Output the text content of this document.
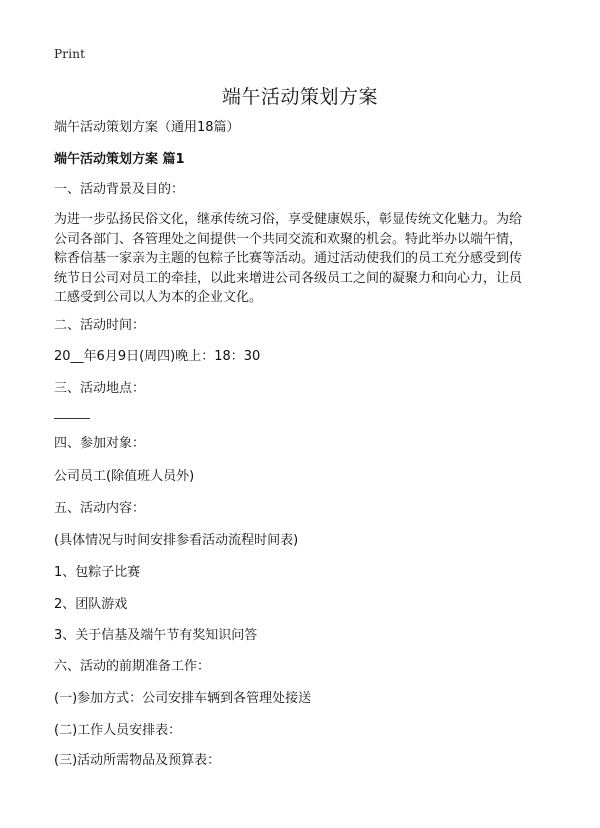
Print
端午活动策划方案
端午活动策划方案（通用18篇）
端午活动策划方案 篇1
一、活动背景及目的：
为进一步弘扬民俗文化，继承传统习俗，享受健康娱乐，彰显传统文化魅力。为给
公司各部门、各管理处之间提供一个共同交流和欢聚的机会。特此举办以端午情，
粽香信基一家亲为主题的包粽子比赛等活动。通过活动使我们的员工充分感受到传
统节日公司对员工的牵挂，以此来增进公司各级员工之间的凝聚力和向心力，让员
工感受到公司以人为本的企业文化。
二、活动时间：
20__年6月9日(周四)晚上：18：30
三、活动地点：
四、参加对象：
公司员工(除值班人员外)
五、活动内容：
(具体情况与时间安排参看活动流程时间表)
1、包粽子比赛
2、团队游戏
3、关于信基及端午节有奖知识问答
六、活动的前期准备工作：
(一)参加方式：公司安排车辆到各管理处接送
(二)工作人员安排表：
(三)活动所需物品及预算表：
